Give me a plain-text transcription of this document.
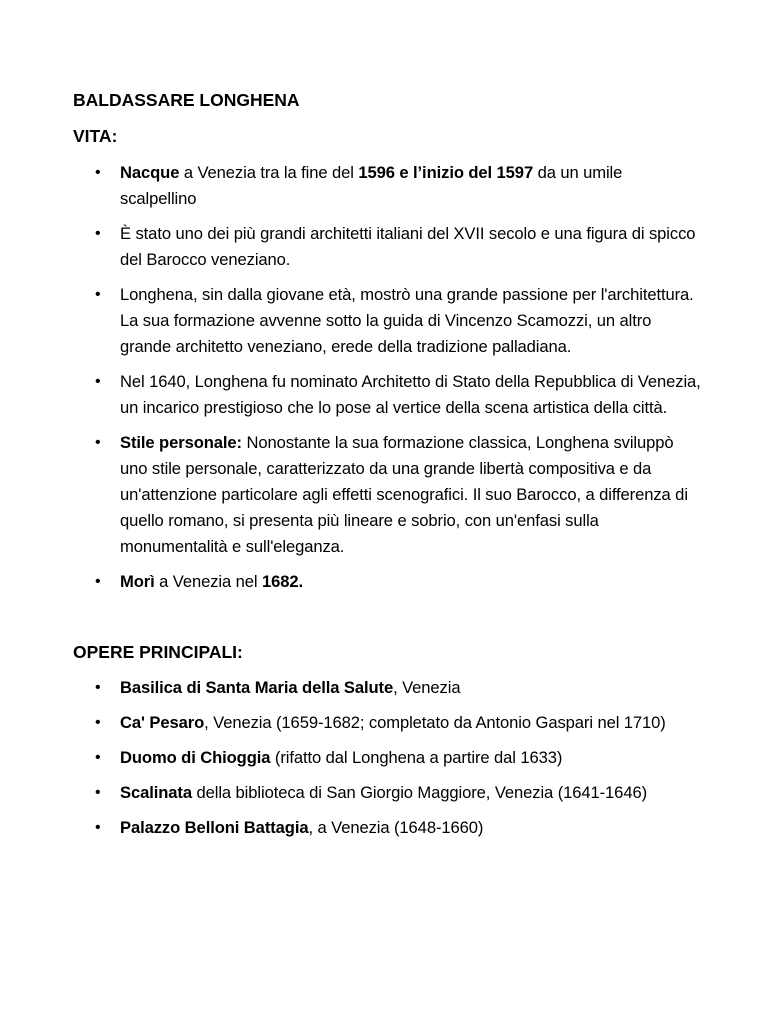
BALDASSARE LONGHENA
VITA:
• Nacque a Venezia tra la fine del 1596 e l’inizio del 1597 da un umile scalpellino
• È stato uno dei più grandi architetti italiani del XVII secolo e una figura di spicco del Barocco veneziano.
• Longhena, sin dalla giovane età, mostrò una grande passione per l'architettura. La sua formazione avvenne sotto la guida di Vincenzo Scamozzi, un altro grande architetto veneziano, erede della tradizione palladiana.
• Nel 1640, Longhena fu nominato Architetto di Stato della Repubblica di Venezia, un incarico prestigioso che lo pose al vertice della scena artistica della città.
• Stile personale: Nonostante la sua formazione classica, Longhena sviluppò uno stile personale, caratterizzato da una grande libertà compositiva e da un'attenzione particolare agli effetti scenografici. Il suo Barocco, a differenza di quello romano, si presenta più lineare e sobrio, con un'enfasi sulla monumentalità e sull'eleganza.
• Morì a Venezia nel 1682.
OPERE PRINCIPALI:
• Basilica di Santa Maria della Salute, Venezia
• Ca' Pesaro, Venezia (1659-1682; completato da Antonio Gaspari nel 1710)
• Duomo di Chioggia (rifatto dal Longhena a partire dal 1633)
• Scalinata della biblioteca di San Giorgio Maggiore, Venezia (1641-1646)
• Palazzo Belloni Battagia, a Venezia (1648-1660)
